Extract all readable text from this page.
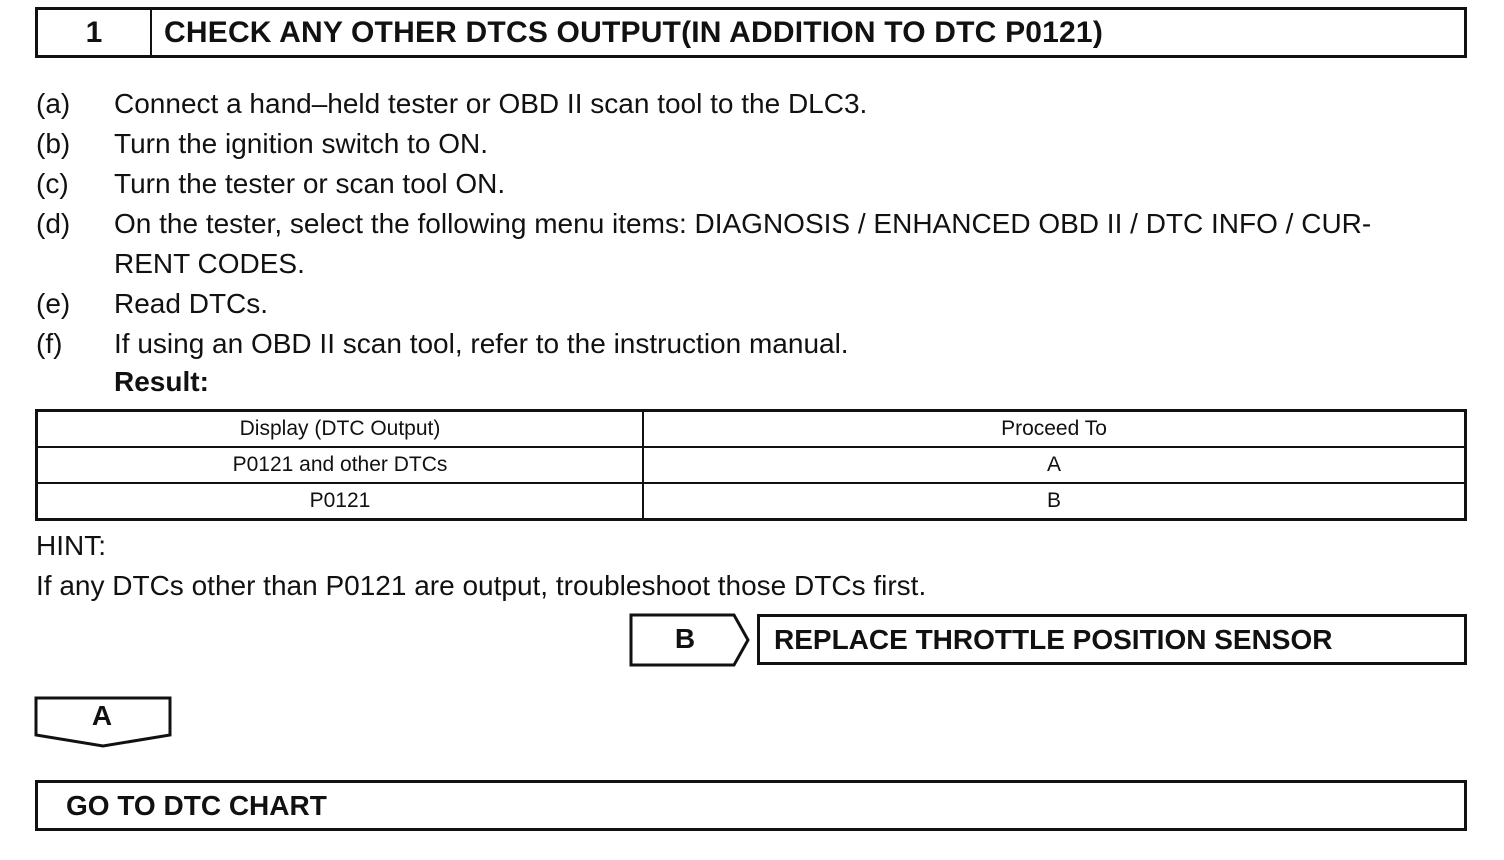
1	CHECK ANY OTHER DTCS OUTPUT(IN ADDITION TO DTC P0121)
(a)	Connect a hand–held tester or OBD II scan tool to the DLC3.
(b)	Turn the ignition switch to ON.
(c)	Turn the tester or scan tool ON.
(d)	On the tester, select the following menu items: DIAGNOSIS / ENHANCED OBD II / DTC INFO / CUR-
RENT CODES.
(e)	Read DTCs.
(f)	If using an OBD II scan tool, refer to the instruction manual.
Result:
Display (DTC Output)	Proceed To
P0121 and other DTCs	A
P0121	B
HINT:
If any DTCs other than P0121 are output, troubleshoot those DTCs first.
B	REPLACE THROTTLE POSITION SENSOR
A
GO TO DTC CHART
